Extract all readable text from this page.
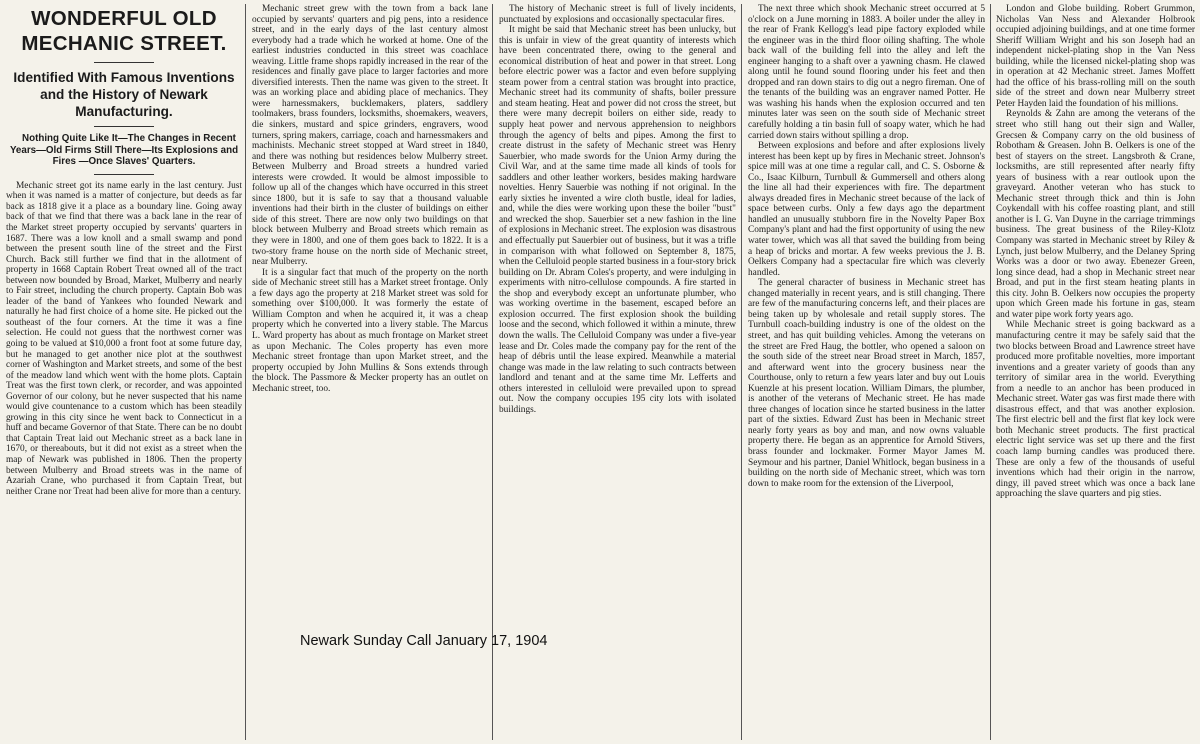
WONDERFUL OLD MECHANIC STREET.
Identified With Famous Inventions and the History of Newark Manufacturing.

Nothing Quite Like It—The Changes in Recent Years—Old Firms Still There—Its Explosions and Fires —Once Slaves' Quarters.

Mechanic street got its name early in the last century. Just when it was named is a matter of conjecture, but deeds as far back as 1818 give it a place as a boundary line. Going away back of that we find that there was a back lane in the rear of the Market street property occupied by servants' quarters in 1687. There was a low knoll and a small swamp and pond between the present south line of the street and the First Church. Back still further we find that in the allotment of property in 1668 Captain Robert Treat owned all of the tract between now bounded by Broad, Market, Mulberry and nearly to Fair street, including the church property. Captain Bob was leader of the band of Yankees who founded Newark and naturally he had first choice of a home site. He picked out the southeast of the four corners. At the time it was a fine selection. He could not guess that the northwest corner was going to be valued at $10,000 a front foot at some future day, but he managed to get another nice plot at the southwest corner of Washington and Market streets, and some of the best of the meadow land which went with the home plots. Captain Treat was the first town clerk, or recorder, and was appointed Governor of our colony, but he never suspected that his name would give countenance to a custom which has been steadily growing in this city since he went back to Connecticut in a huff and became Governor of that State. There can be no doubt that Captain Treat laid out Mechanic street as a back lane in 1670, or thereabouts, but it did not exist as a street when the map of Newark was published in 1806. Then the property between Mulberry and Broad streets was in the name of Azariah Crane, who purchased it from Captain Treat, but neither Crane nor Treat had been alive for more than a century.

Mechanic street grew with the town from a back lane occupied by servants' quarters and pig pens, into a residence street, and in the early days of the last century almost everybody had a trade which he worked at home. One of the earliest industries conducted in this street was coachlace weaving. Little frame shops rapidly increased in the rear of the residences and finally gave place to larger factories and more diversified interests. Then the name was given to the street. It was an working place and abiding place of mechanics. They were harnessmakers, bucklemakers, platers, saddlery toolmakers, brass founders, locksmiths, shoemakers, weavers, die sinkers, mustard and spice grinders, engravers, wood turners, spring makers, carriage, coach and harnessmakers and machinists. Mechanic street stopped at Ward street in 1840, and there was nothing but residences below Mulberry street. Between Mulberry and Broad streets a hundred varied interests were crowded. It would be almost impossible to follow up all of the changes which have occurred in this street since 1800, but it is safe to say that a thousand valuable inventions had their birth in the cluster of buildings on either side of this street. There are now only two buildings on that block between Mulberry and Broad streets which remain as they were in 1800, and one of them goes back to 1822. It is a two-story frame house on the north side of Mechanic street, near Mulberry.

It is a singular fact that much of the property on the north side of Mechanic street still has a Market street frontage. Only a few days ago the property at 218 Market street was sold for something over $100,000. It was formerly the estate of William Compton and when he acquired it, it was a cheap property which he converted into a livery stable. The Marcus L. Ward property has about as much frontage on Market street as upon Mechanic. The Coles property has even more Mechanic street frontage than upon Market street, and the property occupied by John Mullins & Sons extends through the block. The Passmore & Mecker property has an outlet on Mechanic street, too.

The history of Mechanic street is full of lively incidents, punctuated by explosions and occasionally spectacular fires.

It might be said that Mechanic street has been unlucky, but this is unfair in view of the great quantity of interests which have been concentrated there, owing to the general and economical distribution of heat and power in that street. Long before electric power was a factor and even before supplying steam power from a central station was brought into practice, Mechanic street had its community of shafts, boiler pressure and steam heating. Heat and power did not cross the street, but there were many decrepit boilers on either side, ready to supply heat power and nervous apprehension to neighbors through the agency of belts and pipes. Among the first to create distrust in the safety of Mechanic street was Henry Sauerbier, who made swords for the Union Army during the Civil War, and at the same time made all kinds of tools for saddlers and other leather workers, besides making hardware novelties. Henry Sauerbie was nothing if not original. In the early sixties he invented a wire cloth bustle, ideal for ladies, and, while the dies were working upon these the boiler "bust" and wrecked the shop. Sauerbier set a new fashion in the line of explosions in Mechanic street. The explosion was disastrous and effectually put Sauerbier out of business, but it was a trifle in comparison with what followed on September 8, 1875, when the Celluloid people started business in a four-story brick building on Dr. Abram Coles's property, and were indulging in experiments with nitro-cellulose compounds. A fire started in the shop and everybody except an unfortunate plumber, who was working overtime in the basement, escaped before an explosion occurred. The first explosion shook the building loose and the second, which followed it within a minute, threw down the walls. The Celluloid Company was under a five-year lease and Dr. Coles made the company pay for the rent of the heap of débris until the lease expired. Meanwhile a material change was made in the law relating to such contracts between landlord and tenant and at the same time Mr. Lefferts and others interested in celluloid were prevailed upon to spread out. Now the company occupies 195 city lots with isolated buildings.

The next three which shook Mechanic street occurred at 5 o'clock on a June morning in 1883. A boiler under the alley in the rear of Frank Kellogg's lead pipe factory exploded while the engineer was in the third floor oiling shafting. The whole back wall of the building fell into the alley and left the engineer hanging to a shaft over a yawning chasm. He clawed along until he found sound flooring under his feet and then dropped and ran down stairs to dig out a negro fireman. One of the tenants of the building was an engraver named Potter. He was washing his hands when the explosion occurred and ten minutes later was seen on the south side of Mechanic street carefully holding a tin basin full of soapy water, which he had carried down stairs without spilling a drop.

Between explosions and before and after explosions lively interest has been kept up by fires in Mechanic street. Johnson's spice mill was at one time a regular call, and C. S. Osborne & Co., Isaac Kilburn, Turnbull & Gummersell and others along the line all had their experiences with fire. The department always dreaded fires in Mechanic street because of the lack of space between curbs. Only a few days ago the department handled an unusually stubborn fire in the Novelty Paper Box Company's plant and had the first opportunity of using the new water tower, which was all that saved the building from being a heap of bricks and mortar. A few weeks previous the J. B. Oelkers Company had a spectacular fire which was cleverly handled.

The general character of business in Mechanic street has changed materially in recent years, and is still changing. There are few of the manufacturing concerns left, and their places are being taken up by wholesale and retail supply stores. The Turnbull coach-building industry is one of the oldest on the street, and has quit building vehicles. Among the veterans on the street are Fred Haug, the bottler, who opened a saloon on the south side of the street near Broad street in March, 1857, and afterward went into the grocery business near the Courthouse, only to return a few years later and buy out Louis Kuenzle at his present location. William Dimars, the plumber, is another of the veterans of Mechanic street. He has made three changes of location since he started business in the latter part of the sixties. Edward Zust has been in Mechanic street nearly forty years as boy and man, and now owns valuable property there. He began as an apprentice for Arnold Stivers, brass founder and lockmaker. Former Mayor James M. Seymour and his partner, Daniel Whitlock, began business in a building on the north side of Mechanic street, which was torn down to make room for the extension of the Liverpool,

London and Globe building. Robert Grummon, Nicholas Van Ness and Alexander Holbrook occupied adjoining buildings, and at one time former Sheriff William Wright and his son Joseph had an independent nickel-plating shop in the Van Ness building, while the licensed nickel-plating shop was in operation at 42 Mechanic street. James Moffett had the office of his brass-rolling mill on the south side of the street and down near Mulberry street Peter Hayden laid the foundation of his millions.

Reynolds & Zahn are among the veterans of the street who still hang out their sign and Waller, Grecsen & Company carry on the old business of Robotham & Greasen. John B. Oelkers is one of the best of stayers on the street. Langsbroth & Crane, locksmiths, are still represented after nearly fifty years of business with a rear outlook upon the graveyard. Another veteran who has stuck to Mechanic street through thick and thin is John Coykendall with his coffee roasting plant, and still another is I. G. Van Duyne in the carriage trimmings business. The great business of the Riley-Klotz Company was started in Mechanic street by Riley & Lynch, just below Mulberry, and the Delaney Spring Works was a door or two away. Ebenezer Green, long since dead, had a shop in Mechanic street near Broad, and put in the first steam heating plants in this city. John B. Oelkers now occupies the property upon which Green made his fortune in gas, steam and water pipe work forty years ago.

While Mechanic street is going backward as a manufacturing centre it may be safely said that the two blocks between Broad and Lawrence street have produced more profitable novelties, more important inventions and a greater variety of goods than any territory of similar area in the world. Everything from a needle to an anchor has been produced in Mechanic street. Water gas was first made there with disastrous effect, and that was another explosion. The first electric bell and the first flat key lock were both Mechanic street products. The first practical electric light service was set up there and the first coach lamp burning candles was produced there. These are only a few of the thousands of useful inventions which had their origin in the narrow, dingy, ill paved street which was once a back lane approaching the slave quarters and pig sties.

Newark Sunday Call January 17, 1904
